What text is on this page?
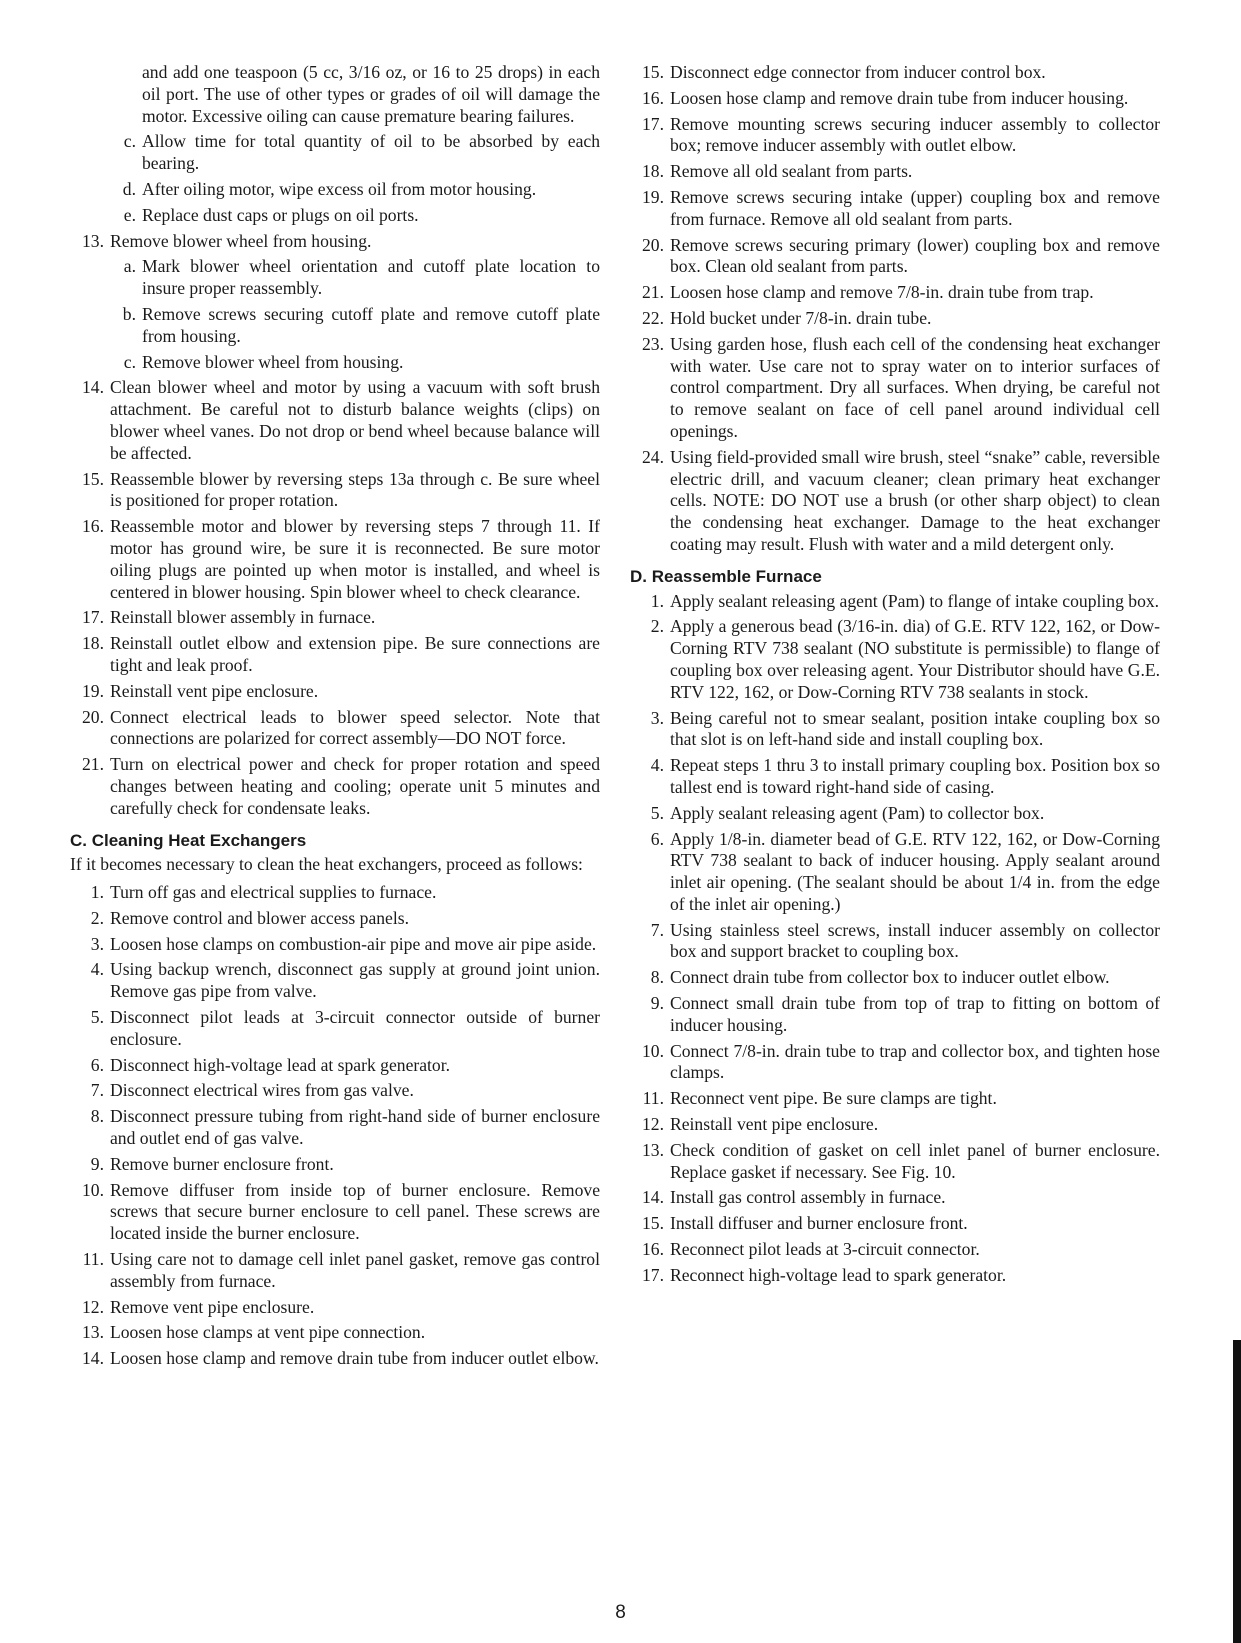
and add one teaspoon (5 cc, 3/16 oz, or 16 to 25 drops) in each oil port. The use of other types or grades of oil will damage the motor. Excessive oiling can cause premature bearing failures.
c. Allow time for total quantity of oil to be absorbed by each bearing.
d. After oiling motor, wipe excess oil from motor housing.
e. Replace dust caps or plugs on oil ports.
13. Remove blower wheel from housing.
a. Mark blower wheel orientation and cutoff plate location to insure proper reassembly.
b. Remove screws securing cutoff plate and remove cutoff plate from housing.
c. Remove blower wheel from housing.
14. Clean blower wheel and motor by using a vacuum with soft brush attachment. Be careful not to disturb balance weights (clips) on blower wheel vanes. Do not drop or bend wheel because balance will be affected.
15. Reassemble blower by reversing steps 13a through c. Be sure wheel is positioned for proper rotation.
16. Reassemble motor and blower by reversing steps 7 through 11. If motor has ground wire, be sure it is reconnected. Be sure motor oiling plugs are pointed up when motor is installed, and wheel is centered in blower housing. Spin blower wheel to check clearance.
17. Reinstall blower assembly in furnace.
18. Reinstall outlet elbow and extension pipe. Be sure connections are tight and leak proof.
19. Reinstall vent pipe enclosure.
20. Connect electrical leads to blower speed selector. Note that connections are polarized for correct assembly—DO NOT force.
21. Turn on electrical power and check for proper rotation and speed changes between heating and cooling; operate unit 5 minutes and carefully check for condensate leaks.
C. Cleaning Heat Exchangers
If it becomes necessary to clean the heat exchangers, proceed as follows:
1. Turn off gas and electrical supplies to furnace.
2. Remove control and blower access panels.
3. Loosen hose clamps on combustion-air pipe and move air pipe aside.
4. Using backup wrench, disconnect gas supply at ground joint union. Remove gas pipe from valve.
5. Disconnect pilot leads at 3-circuit connector outside of burner enclosure.
6. Disconnect high-voltage lead at spark generator.
7. Disconnect electrical wires from gas valve.
8. Disconnect pressure tubing from right-hand side of burner enclosure and outlet end of gas valve.
9. Remove burner enclosure front.
10. Remove diffuser from inside top of burner enclosure. Remove screws that secure burner enclosure to cell panel. These screws are located inside the burner enclosure.
11. Using care not to damage cell inlet panel gasket, remove gas control assembly from furnace.
12. Remove vent pipe enclosure.
13. Loosen hose clamps at vent pipe connection.
14. Loosen hose clamp and remove drain tube from inducer outlet elbow.
15. Disconnect edge connector from inducer control box.
16. Loosen hose clamp and remove drain tube from inducer housing.
17. Remove mounting screws securing inducer assembly to collector box; remove inducer assembly with outlet elbow.
18. Remove all old sealant from parts.
19. Remove screws securing intake (upper) coupling box and remove from furnace. Remove all old sealant from parts.
20. Remove screws securing primary (lower) coupling box and remove box. Clean old sealant from parts.
21. Loosen hose clamp and remove 7/8-in. drain tube from trap.
22. Hold bucket under 7/8-in. drain tube.
23. Using garden hose, flush each cell of the condensing heat exchanger with water. Use care not to spray water on to interior surfaces of control compartment. Dry all surfaces. When drying, be careful not to remove sealant on face of cell panel around individual cell openings.
24. Using field-provided small wire brush, steel “snake” cable, reversible electric drill, and vacuum cleaner; clean primary heat exchanger cells. NOTE: DO NOT use a brush (or other sharp object) to clean the condensing heat exchanger. Damage to the heat exchanger coating may result. Flush with water and a mild detergent only.
D. Reassemble Furnace
1. Apply sealant releasing agent (Pam) to flange of intake coupling box.
2. Apply a generous bead (3/16-in. dia) of G.E. RTV 122, 162, or Dow-Corning RTV 738 sealant (NO substitute is permissible) to flange of coupling box over releasing agent. Your Distributor should have G.E. RTV 122, 162, or Dow-Corning RTV 738 sealants in stock.
3. Being careful not to smear sealant, position intake coupling box so that slot is on left-hand side and install coupling box.
4. Repeat steps 1 thru 3 to install primary coupling box. Position box so tallest end is toward right-hand side of casing.
5. Apply sealant releasing agent (Pam) to collector box.
6. Apply 1/8-in. diameter bead of G.E. RTV 122, 162, or Dow-Corning RTV 738 sealant to back of inducer housing. Apply sealant around inlet air opening. (The sealant should be about 1/4 in. from the edge of the inlet air opening.)
7. Using stainless steel screws, install inducer assembly on collector box and support bracket to coupling box.
8. Connect drain tube from collector box to inducer outlet elbow.
9. Connect small drain tube from top of trap to fitting on bottom of inducer housing.
10. Connect 7/8-in. drain tube to trap and collector box, and tighten hose clamps.
11. Reconnect vent pipe. Be sure clamps are tight.
12. Reinstall vent pipe enclosure.
13. Check condition of gasket on cell inlet panel of burner enclosure. Replace gasket if necessary. See Fig. 10.
14. Install gas control assembly in furnace.
15. Install diffuser and burner enclosure front.
16. Reconnect pilot leads at 3-circuit connector.
17. Reconnect high-voltage lead to spark generator.
8
